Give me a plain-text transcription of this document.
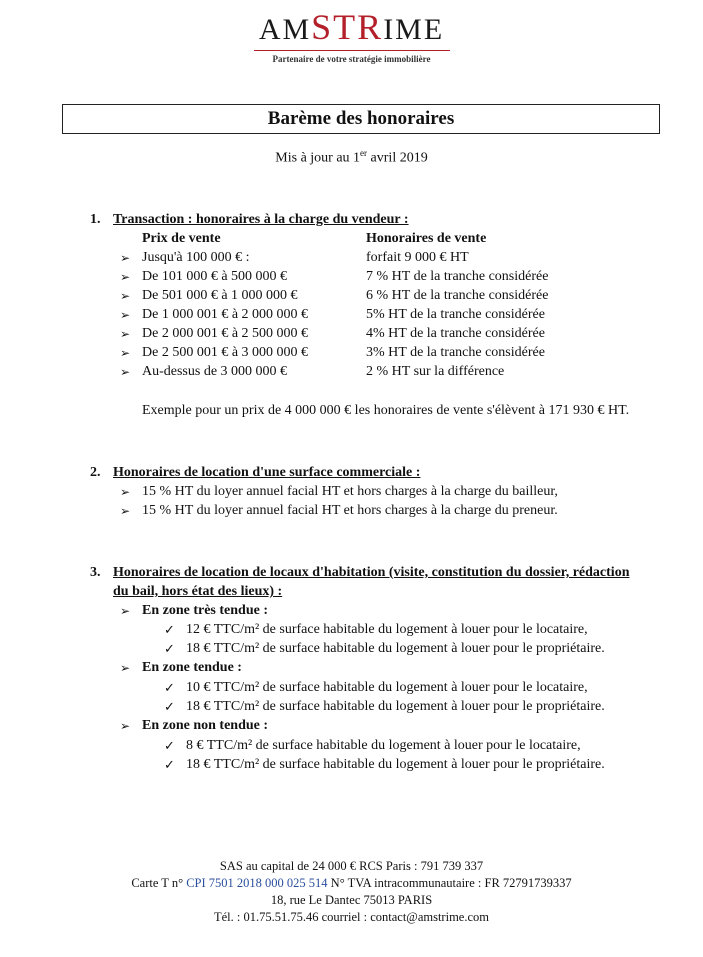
AMSTRIME
Partenaire de votre stratégie immobilière
Barème des honoraires
Mis à jour au 1er avril 2019
1. Transaction : honoraires à la charge du vendeur :
Prix de vente	Honoraires de vente
➢ Jusqu'à 100 000 € :	forfait 9 000 € HT
➢ De 101 000 € à 500 000 €	7 % HT de la tranche considérée
➢ De 501 000 € à 1 000 000 €	6 % HT de la tranche considérée
➢ De 1 000 001 € à 2 000 000 €	5% HT de la tranche considérée
➢ De 2 000 001 € à 2 500 000 €	4% HT de la tranche considérée
➢ De 2 500 001 € à 3 000 000 €	3% HT de la tranche considérée
➢ Au-dessus de 3 000 000 €	2 % HT sur la différence
Exemple pour un prix de 4 000 000 € les honoraires de vente s'élèvent à 171 930 € HT.
2. Honoraires de location d'une surface commerciale :
➢ 15 % HT du loyer annuel facial HT et hors charges à la charge du bailleur,
➢ 15 % HT du loyer annuel facial HT et hors charges à la charge du preneur.
3. Honoraires de location de locaux d'habitation (visite, constitution du dossier, rédaction
du bail, hors état des lieux) :
➢ En zone très tendue :
✓ 12 € TTC/m² de surface habitable du logement à louer pour le locataire,
✓ 18 € TTC/m² de surface habitable du logement à louer pour le propriétaire.
➢ En zone tendue :
✓ 10 € TTC/m² de surface habitable du logement à louer pour le locataire,
✓ 18 € TTC/m² de surface habitable du logement à louer pour le propriétaire.
➢ En zone non tendue :
✓ 8 € TTC/m² de surface habitable du logement à louer pour le locataire,
✓ 18 € TTC/m² de surface habitable du logement à louer pour le propriétaire.
SAS au capital de 24 000 € RCS Paris : 791 739 337
Carte T n° CPI 7501 2018 000 025 514 N° TVA intracommunautaire : FR 72791739337
18, rue Le Dantec 75013 PARIS
Tél. : 01.75.51.75.46 courriel : contact@amstrime.com
